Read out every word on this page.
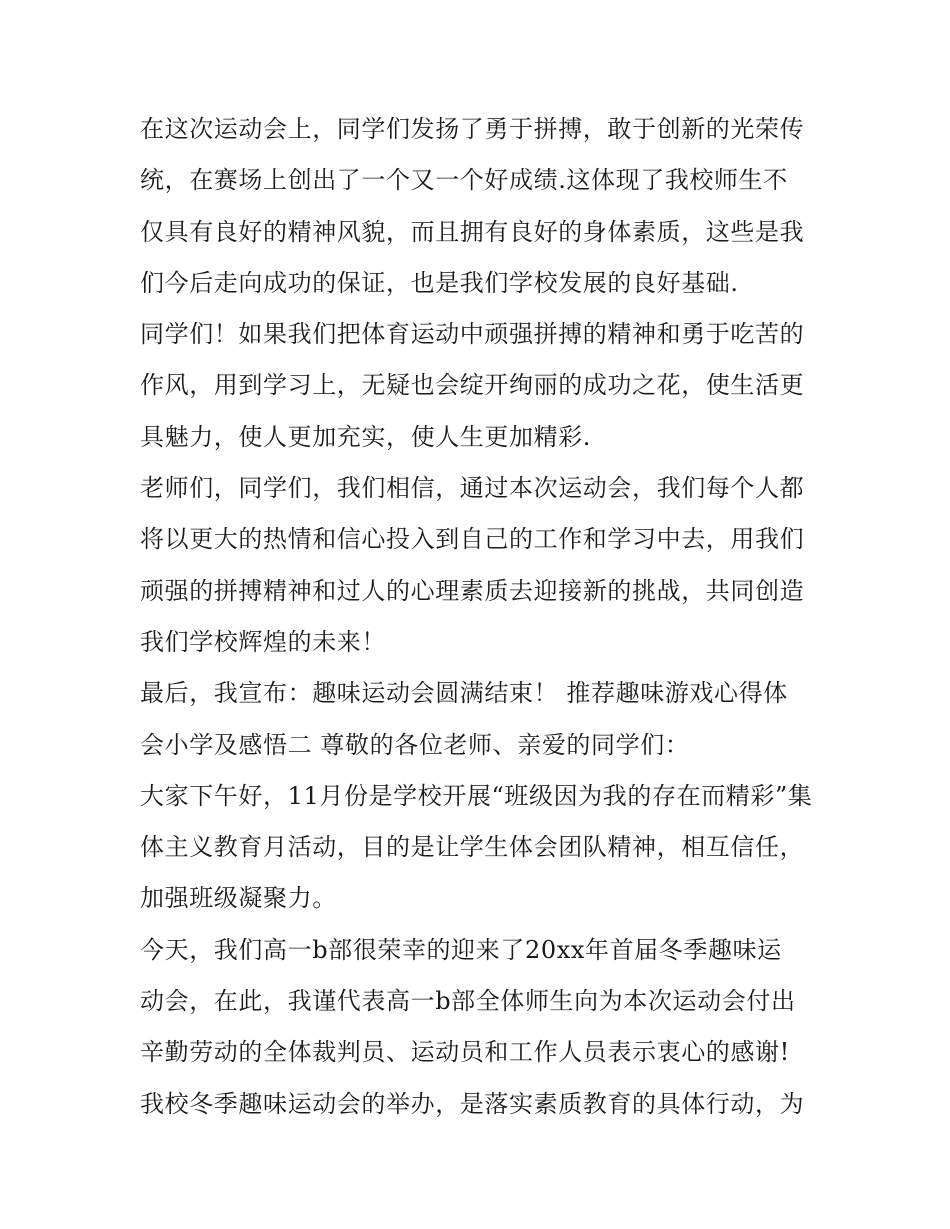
在这次运动会上，同学们发扬了勇于拼搏，敢于创新的光荣传
统，在赛场上创出了一个又一个好成绩.这体现了我校师生不
仅具有良好的精神风貌，而且拥有良好的身体素质，这些是我
们今后走向成功的保证，也是我们学校发展的良好基础.
同学们！如果我们把体育运动中顽强拼搏的精神和勇于吃苦的
作风，用到学习上，无疑也会绽开绚丽的成功之花，使生活更
具魅力，使人更加充实，使人生更加精彩.
老师们，同学们，我们相信，通过本次运动会，我们每个人都
将以更大的热情和信心投入到自己的工作和学习中去，用我们
顽强的拼搏精神和过人的心理素质去迎接新的挑战，共同创造
我们学校辉煌的未来！
最后，我宣布：趣味运动会圆满结束！ 推荐趣味游戏心得体
会小学及感悟二 尊敬的各位老师、亲爱的同学们：
大家下午好，11月份是学校开展“班级因为我的存在而精彩”集
体主义教育月活动，目的是让学生体会团队精神，相互信任，
加强班级凝聚力。
今天，我们高一b部很荣幸的迎来了20xx年首届冬季趣味运
动会，在此，我谨代表高一b部全体师生向为本次运动会付出
辛勤劳动的全体裁判员、运动员和工作人员表示衷心的感谢!
我校冬季趣味运动会的举办，是落实素质教育的具体行动，为
